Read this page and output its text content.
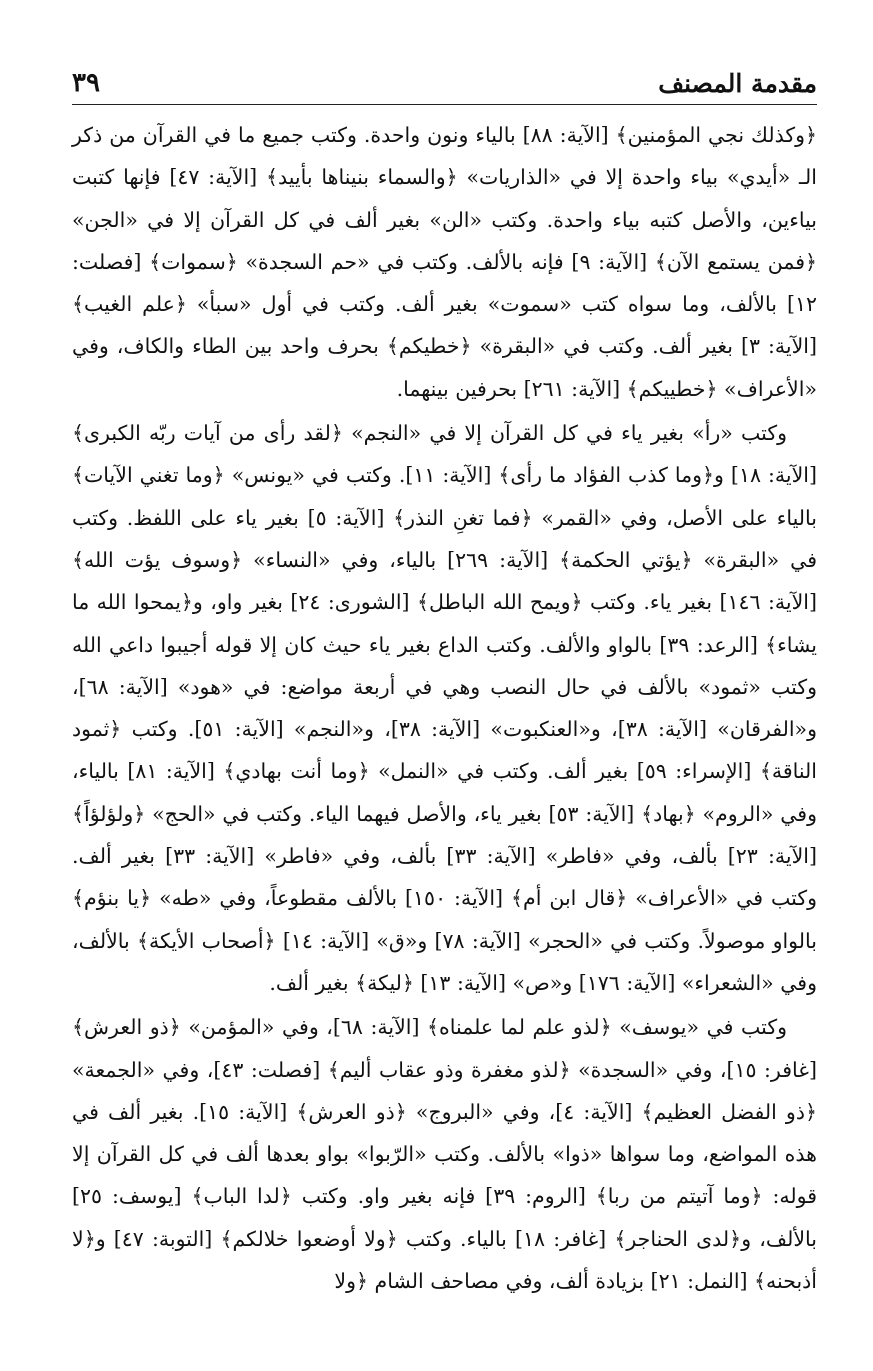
مقدمة المصنف
٣٩

﴿وكذلك نجي المؤمنين﴾ [الآية: ٨٨] بالياء ونون واحدة. وكتب جميع ما في القرآن من ذكر الـ «أيدي» بياء واحدة إلا في «الذاريات» ﴿والسماء بنيناها بأييد﴾ [الآية: ٤٧] فإنها كتبت بياءين، والأصل كتبه بياء واحدة. وكتب «الن» بغير ألف في كل القرآن إلا في «الجن» ﴿فمن يستمع الآن﴾ [الآية: ٩] فإنه بالألف. وكتب في «حم السجدة» ﴿سموات﴾ [فصلت: ١٢] بالألف، وما سواه كتب «سموت» بغير ألف. وكتب في أول «سبأ» ﴿علم الغيب﴾ [الآية: ٣] بغير ألف. وكتب في «البقرة» ﴿خطيكم﴾ بحرف واحد بين الطاء والكاف، وفي «الأعراف» ﴿خطييكم﴾ [الآية: ٢٦١] بحرفين بينهما.

وكتب «رأ» بغير ياء في كل القرآن إلا في «النجم» ﴿لقد رأى من آيات ربّه الكبرى﴾ [الآية: ١٨] و﴿وما كذب الفؤاد ما رأى﴾ [الآية: ١١]. وكتب في «يونس» ﴿وما تغني الآيات﴾ بالياء على الأصل، وفي «القمر» ﴿فما تغنِ النذر﴾ [الآية: ٥] بغير ياء على اللفظ. وكتب في «البقرة» ﴿يؤتي الحكمة﴾ [الآية: ٢٦٩] بالياء، وفي «النساء» ﴿وسوف يؤت الله﴾ [الآية: ١٤٦] بغير ياء. وكتب ﴿ويمح الله الباطل﴾ [الشورى: ٢٤] بغير واو، و﴿يمحوا الله ما يشاء﴾ [الرعد: ٣٩] بالواو والألف. وكتب الداع بغير ياء حيث كان إلا قوله أجيبوا داعي الله وكتب «ثمود» بالألف في حال النصب وهي في أربعة مواضع: في «هود» [الآية: ٦٨]، و«الفرقان» [الآية: ٣٨]، و«العنكبوت» [الآية: ٣٨]، و«النجم» [الآية: ٥١]. وكتب ﴿ثمود الناقة﴾ [الإسراء: ٥٩] بغير ألف. وكتب في «النمل» ﴿وما أنت بهادي﴾ [الآية: ٨١] بالياء، وفي «الروم» ﴿بهاد﴾ [الآية: ٥٣] بغير ياء، والأصل فيهما الياء. وكتب في «الحج» ﴿ولؤلؤاً﴾ [الآية: ٢٣] بألف، وفي «فاطر» [الآية: ٣٣] بألف، وفي «فاطر» [الآية: ٣٣] بغير ألف. وكتب في «الأعراف» ﴿قال ابن أم﴾ [الآية: ١٥٠] بالألف مقطوعاً، وفي «طه» ﴿يا بنؤم﴾ بالواو موصولاً. وكتب في «الحجر» [الآية: ٧٨] و«ق» [الآية: ١٤] ﴿أصحاب الأيكة﴾ بالألف، وفي «الشعراء» [الآية: ١٧٦] و«ص» [الآية: ١٣] ﴿ليكة﴾ بغير ألف.

وكتب في «يوسف» ﴿لذو علم لما علمناه﴾ [الآية: ٦٨]، وفي «المؤمن» ﴿ذو العرش﴾ [غافر: ١٥]، وفي «السجدة» ﴿لذو مغفرة وذو عقاب أليم﴾ [فصلت: ٤٣]، وفي «الجمعة» ﴿ذو الفضل العظيم﴾ [الآية: ٤]، وفي «البروج» ﴿ذو العرش﴾ [الآية: ١٥]. بغير ألف في هذه المواضع، وما سواها «ذوا» بالألف. وكتب «الرّبوا» بواو بعدها ألف في كل القرآن إلا قوله: ﴿وما آتيتم من ربا﴾ [الروم: ٣٩] فإنه بغير واو. وكتب ﴿لدا الباب﴾ [يوسف: ٢٥] بالألف، و﴿لدى الحناجر﴾ [غافر: ١٨] بالياء. وكتب ﴿ولا أوضعوا خلالكم﴾ [التوبة: ٤٧] و﴿لا أذبحنه﴾ [النمل: ٢١] بزيادة ألف، وفي مصاحف الشام ﴿ولا
